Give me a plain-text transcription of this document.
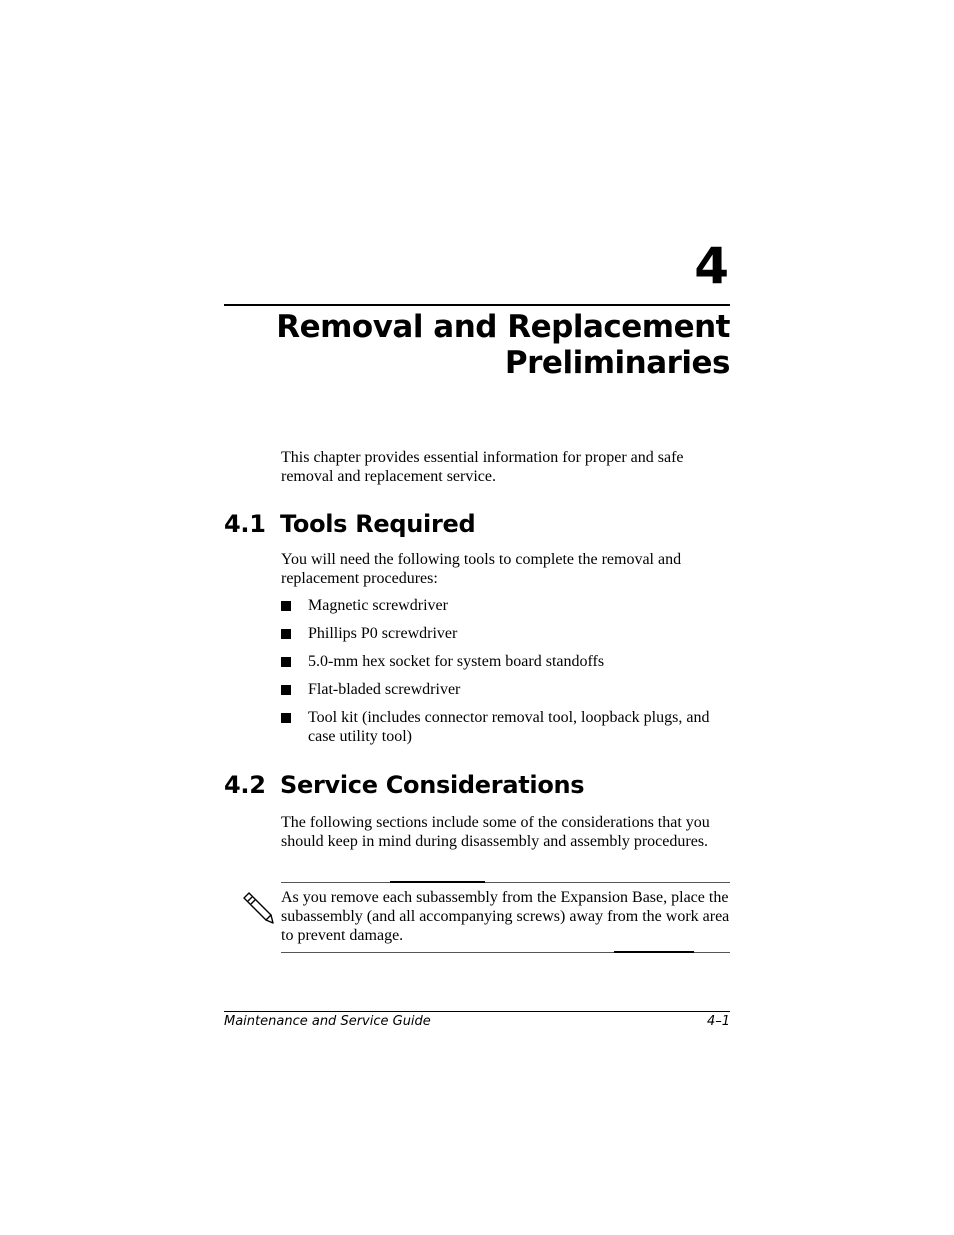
4
Removal and Replacement
Preliminaries

This chapter provides essential information for proper and safe removal and replacement service.

4.1 Tools Required

You will need the following tools to complete the removal and replacement procedures:

Magnetic screwdriver
Phillips P0 screwdriver
5.0-mm hex socket for system board standoffs
Flat-bladed screwdriver
Tool kit (includes connector removal tool, loopback plugs, and case utility tool)
4.2 Service Considerations

The following sections include some of the considerations that you should keep in mind during disassembly and assembly procedures.

As you remove each subassembly from the Expansion Base, place the subassembly (and all accompanying screws) away from the work area to prevent damage.

Maintenance and Service Guide	4–1
